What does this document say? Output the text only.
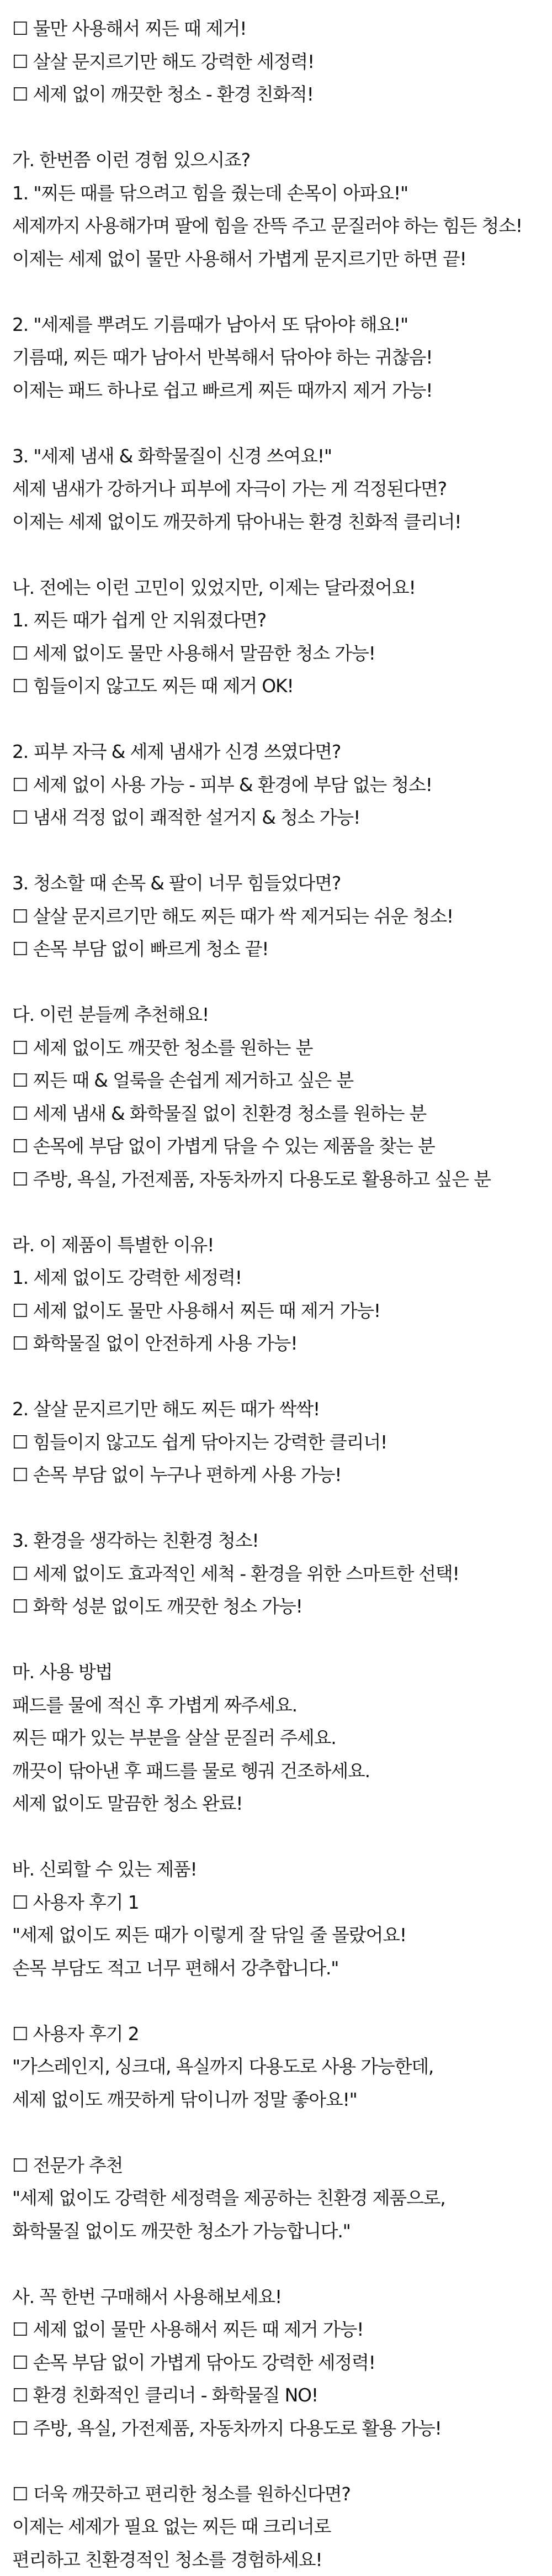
☐ 물만 사용해서 찌든 때 제거!
☐ 살살 문지르기만 해도 강력한 세정력!
☐ 세제 없이 깨끗한 청소 - 환경 친화적!
가. 한번쯤 이런 경험 있으시죠?
1. "찌든 때를 닦으려고 힘을 줬는데 손목이 아파요!"
세제까지 사용해가며 팔에 힘을 잔뜩 주고 문질러야 하는 힘든 청소!
이제는 세제 없이 물만 사용해서 가볍게 문지르기만 하면 끝!
2. "세제를 뿌려도 기름때가 남아서 또 닦아야 해요!"
기름때, 찌든 때가 남아서 반복해서 닦아야 하는 귀찮음!
이제는 패드 하나로 쉽고 빠르게 찌든 때까지 제거 가능!
3. "세제 냄새 & 화학물질이 신경 쓰여요!"
세제 냄새가 강하거나 피부에 자극이 가는 게 걱정된다면?
이제는 세제 없이도 깨끗하게 닦아내는 환경 친화적 클리너!
나. 전에는 이런 고민이 있었지만, 이제는 달라졌어요!
1. 찌든 때가 쉽게 안 지워졌다면?
☐ 세제 없이도 물만 사용해서 말끔한 청소 가능!
☐ 힘들이지 않고도 찌든 때 제거 OK!
2. 피부 자극 & 세제 냄새가 신경 쓰였다면?
☐ 세제 없이 사용 가능 - 피부 & 환경에 부담 없는 청소!
☐ 냄새 걱정 없이 쾌적한 설거지 & 청소 가능!
3. 청소할 때 손목 & 팔이 너무 힘들었다면?
☐ 살살 문지르기만 해도 찌든 때가 싹 제거되는 쉬운 청소!
☐ 손목 부담 없이 빠르게 청소 끝!
다. 이런 분들께 추천해요!
☐ 세제 없이도 깨끗한 청소를 원하는 분
☐ 찌든 때 & 얼룩을 손쉽게 제거하고 싶은 분
☐ 세제 냄새 & 화학물질 없이 친환경 청소를 원하는 분
☐ 손목에 부담 없이 가볍게 닦을 수 있는 제품을 찾는 분
☐ 주방, 욕실, 가전제품, 자동차까지 다용도로 활용하고 싶은 분
라. 이 제품이 특별한 이유!
1. 세제 없이도 강력한 세정력!
☐ 세제 없이도 물만 사용해서 찌든 때 제거 가능!
☐ 화학물질 없이 안전하게 사용 가능!
2. 살살 문지르기만 해도 찌든 때가 싹싹!
☐ 힘들이지 않고도 쉽게 닦아지는 강력한 클리너!
☐ 손목 부담 없이 누구나 편하게 사용 가능!
3. 환경을 생각하는 친환경 청소!
☐ 세제 없이도 효과적인 세척 - 환경을 위한 스마트한 선택!
☐ 화학 성분 없이도 깨끗한 청소 가능!
마. 사용 방법
패드를 물에 적신 후 가볍게 짜주세요.
찌든 때가 있는 부분을 살살 문질러 주세요.
깨끗이 닦아낸 후 패드를 물로 헹궈 건조하세요.
세제 없이도 말끔한 청소 완료!
바. 신뢰할 수 있는 제품!
☐ 사용자 후기 1
"세제 없이도 찌든 때가 이렇게 잘 닦일 줄 몰랐어요!
손목 부담도 적고 너무 편해서 강추합니다."
☐ 사용자 후기 2
"가스레인지, 싱크대, 욕실까지 다용도로 사용 가능한데,
세제 없이도 깨끗하게 닦이니까 정말 좋아요!"
☐ 전문가 추천
"세제 없이도 강력한 세정력을 제공하는 친환경 제품으로,
화학물질 없이도 깨끗한 청소가 가능합니다."
사. 꼭 한번 구매해서 사용해보세요!
☐ 세제 없이 물만 사용해서 찌든 때 제거 가능!
☐ 손목 부담 없이 가볍게 닦아도 강력한 세정력!
☐ 환경 친화적인 클리너 - 화학물질 NO!
☐ 주방, 욕실, 가전제품, 자동차까지 다용도로 활용 가능!
☐ 더욱 깨끗하고 편리한 청소를 원하신다면?
이제는 세제가 필요 없는 찌든 때 크리너로
편리하고 친환경적인 청소를 경험하세요!
